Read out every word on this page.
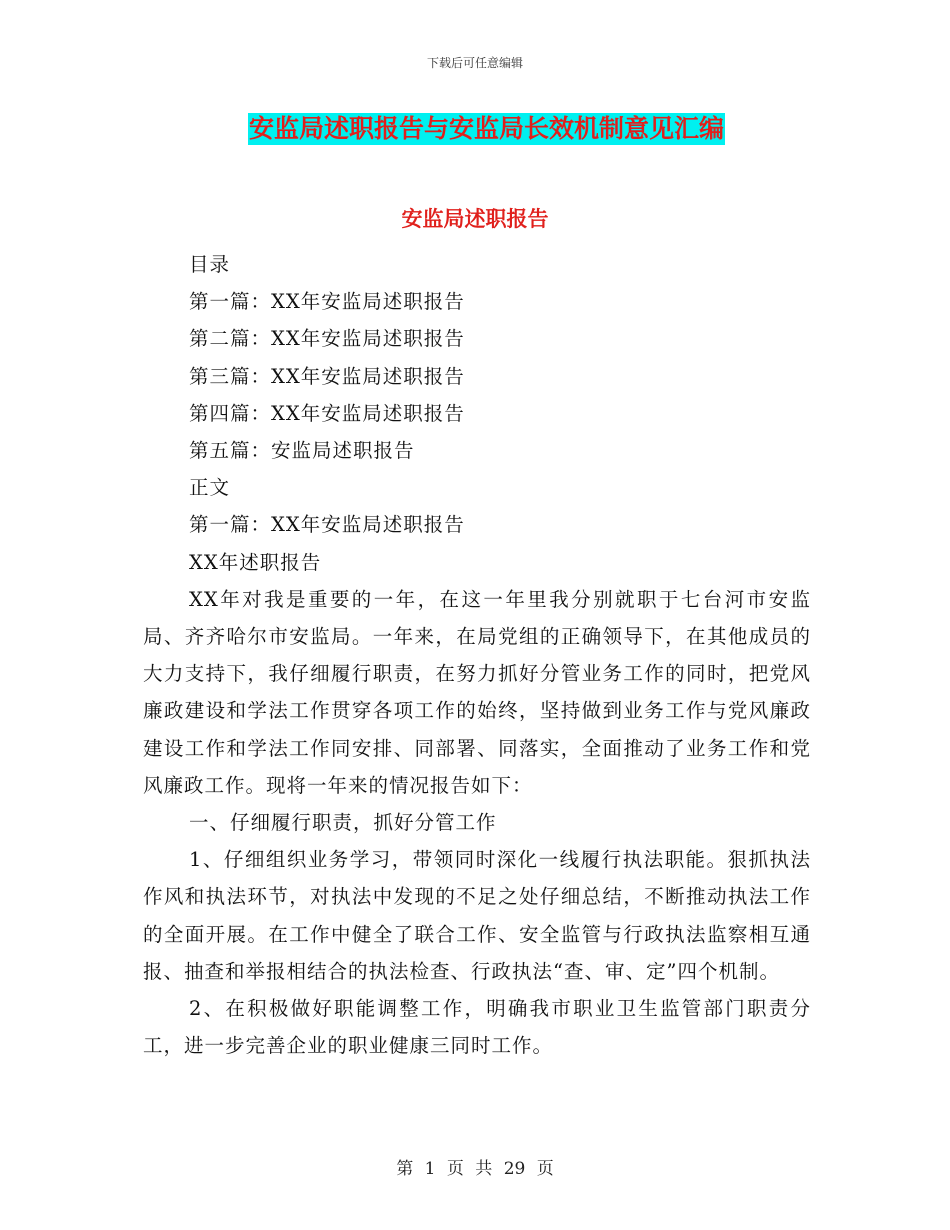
下载后可任意编辑
安监局述职报告与安监局长效机制意见汇编
安监局述职报告
目录
第一篇：XX年安监局述职报告
第二篇：XX年安监局述职报告
第三篇：XX年安监局述职报告
第四篇：XX年安监局述职报告
第五篇：安监局述职报告
正文
第一篇：XX年安监局述职报告
XX年述职报告
XX年对我是重要的一年，在这一年里我分别就职于七台河市安监局、齐齐哈尔市安监局。一年来，在局党组的正确领导下，在其他成员的大力支持下，我仔细履行职责，在努力抓好分管业务工作的同时，把党风廉政建设和学法工作贯穿各项工作的始终，坚持做到业务工作与党风廉政建设工作和学法工作同安排、同部署、同落实，全面推动了业务工作和党风廉政工作。现将一年来的情况报告如下：
一、仔细履行职责，抓好分管工作
1、仔细组织业务学习，带领同时深化一线履行执法职能。狠抓执法作风和执法环节，对执法中发现的不足之处仔细总结，不断推动执法工作的全面开展。在工作中健全了联合工作、安全监管与行政执法监察相互通报、抽查和举报相结合的执法检查、行政执法“查、审、定”四个机制。
2、在积极做好职能调整工作，明确我市职业卫生监管部门职责分工，进一步完善企业的职业健康三同时工作。
第 1 页 共 29 页
